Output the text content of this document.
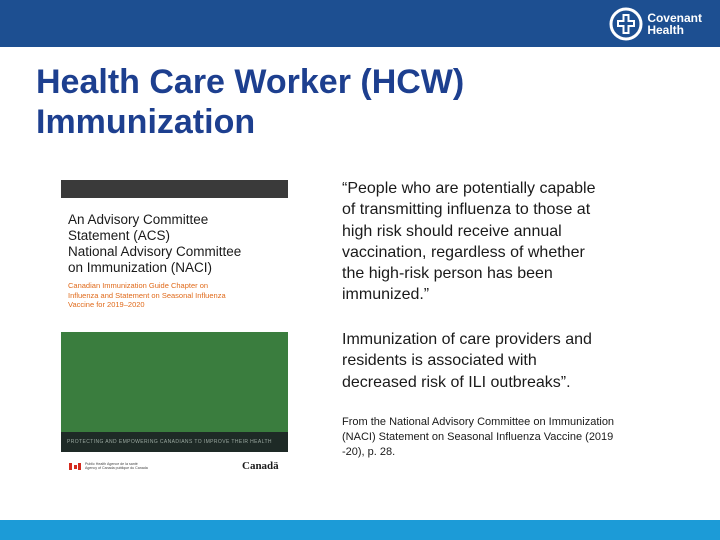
Covenant
Health
Health Care Worker (HCW)
Immunization
An Advisory Committee
Statement (ACS)
National Advisory Committee
on Immunization (NACI)
Canadian Immunization Guide Chapter on
Influenza and Statement on Seasonal Influenza
Vaccine for 2019–2020
PROTECTING AND EMPOWERING CANADIANS TO IMPROVE THEIR HEALTH
Public Health Agence de la santé
Agency of Canada publique du Canada	Canadä
“People who are potentially capable
of transmitting influenza to those at
high risk should receive annual
vaccination, regardless of whether
the high-risk person has been
immunized.”
Immunization of care providers and
residents is associated with
decreased risk of ILI outbreaks”.
From the National Advisory Committee on Immunization
(NACI) Statement on Seasonal Influenza Vaccine (2019
-20), p. 28.
